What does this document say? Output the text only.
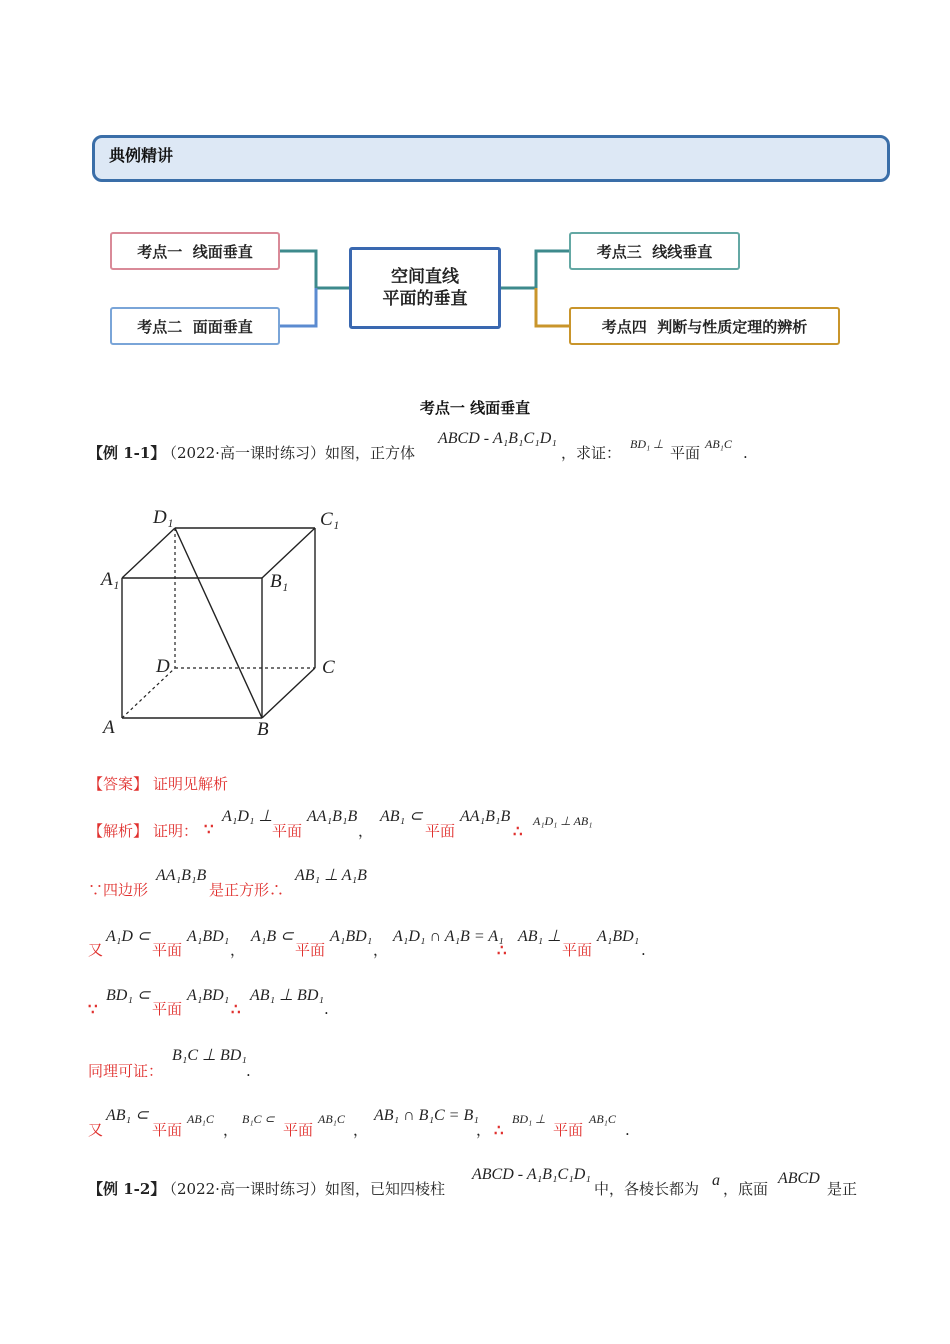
典例精讲
考点一  线面垂直
考点二  面面垂直
空间直线
平面的垂直
考点三  线线垂直
考点四  判断与性质定理的辨析
考点一 线面垂直
【例 1-1】
（2022·高一课时练习）如图，正方体
ABCD - A₁B₁C₁D₁
，求证： BD₁ ⊥ 平面 AB₁C .
D₁	C₁
A₁	B₁
D	C
A	B
【答案】 证明见解析
【解析】 证明： ∵
A₁D₁ ⊥
平面
AA₁B₁B
，
AB₁ ⊂
平面
AA₁B₁B
∴
A₁D₁ ⊥ AB₁
∵四边形
AA₁B₁B
是正方形∴
AB₁ ⊥ A₁B
又
A₁D ⊂
平面
A₁BD₁
，
A₁B ⊂
平面
A₁BD₁
，
A₁D₁ ∩ A₁B = A₁
∴
AB₁ ⊥
平面
A₁BD₁
.
∵
BD₁ ⊂
平面
A₁BD₁
∴
AB₁ ⊥ BD₁
.
同理可证：
B₁C ⊥ BD₁
.
又
AB₁ ⊂
平面
AB₁C
，
B₁C ⊂
平面
AB₁C
，
AB₁ ∩ B₁C = B₁
， ∴
BD₁ ⊥
平面
AB₁C
.
【例 1-2】
（2022·高一课时练习）如图，已知四棱柱
ABCD - A₁B₁C₁D₁
中，各棱长都为 a ，底面
ABCD
是正
